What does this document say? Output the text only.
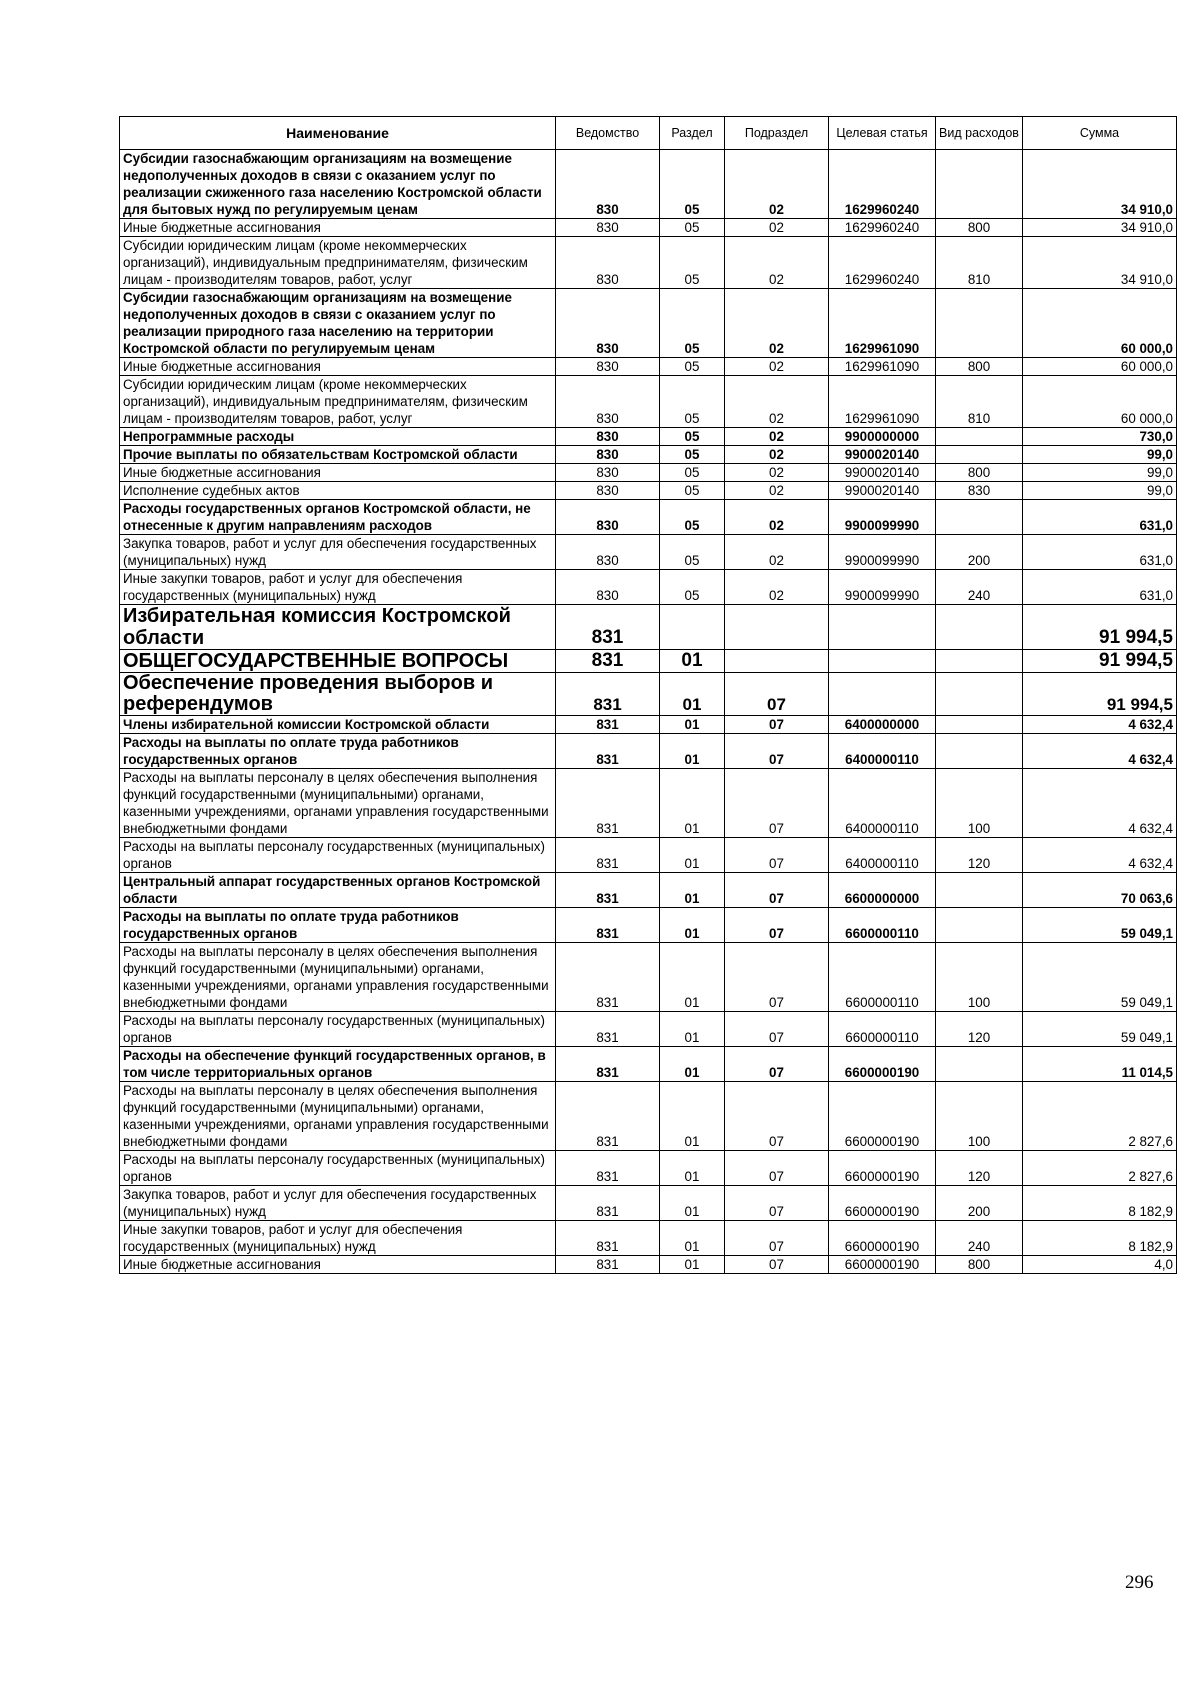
Наименование	Ведомство	Раздел	Подраздел	Целевая статья	Вид расходов	Сумма
Субсидии газоснабжающим организациям на возмещение недополученных доходов в связи с оказанием услуг по реализации сжиженного газа населению Костромской области для бытовых нужд по регулируемым ценам	830	05	02	1629960240		34 910,0
Иные бюджетные ассигнования	830	05	02	1629960240	800	34 910,0
Субсидии юридическим лицам (кроме некоммерческих организаций), индивидуальным предпринимателям, физическим лицам - производителям товаров, работ, услуг	830	05	02	1629960240	810	34 910,0
Субсидии газоснабжающим организациям на возмещение недополученных доходов в связи с оказанием услуг по реализации природного газа населению на территории Костромской области по регулируемым ценам	830	05	02	1629961090		60 000,0
Иные бюджетные ассигнования	830	05	02	1629961090	800	60 000,0
Субсидии юридическим лицам (кроме некоммерческих организаций), индивидуальным предпринимателям, физическим лицам - производителям товаров, работ, услуг	830	05	02	1629961090	810	60 000,0
Непрограммные расходы	830	05	02	9900000000		730,0
Прочие выплаты по обязательствам Костромской области	830	05	02	9900020140		99,0
Иные бюджетные ассигнования	830	05	02	9900020140	800	99,0
Исполнение судебных актов	830	05	02	9900020140	830	99,0
Расходы государственных органов Костромской области, не отнесенные к другим направлениям расходов	830	05	02	9900099990		631,0
Закупка товаров, работ и услуг для обеспечения государственных (муниципальных) нужд	830	05	02	9900099990	200	631,0
Иные закупки товаров, работ и услуг для обеспечения государственных (муниципальных) нужд	830	05	02	9900099990	240	631,0
Избирательная комиссия Костромской области	831					91 994,5
ОБЩЕГОСУДАРСТВЕННЫЕ ВОПРОСЫ	831	01				91 994,5
Обеспечение проведения выборов и референдумов	831	01	07			91 994,5
Члены избирательной комиссии Костромской области	831	01	07	6400000000		4 632,4
Расходы на выплаты по оплате труда работников государственных органов	831	01	07	6400000110		4 632,4
Расходы на выплаты персоналу в целях обеспечения выполнения функций государственными (муниципальными) органами, казенными учреждениями, органами управления государственными внебюджетными фондами	831	01	07	6400000110	100	4 632,4
Расходы на выплаты персоналу государственных (муниципальных) органов	831	01	07	6400000110	120	4 632,4
Центральный аппарат государственных органов Костромской области	831	01	07	6600000000		70 063,6
Расходы на выплаты по оплате труда работников государственных органов	831	01	07	6600000110		59 049,1
Расходы на выплаты персоналу в целях обеспечения выполнения функций государственными (муниципальными) органами, казенными учреждениями, органами управления государственными внебюджетными фондами	831	01	07	6600000110	100	59 049,1
Расходы на выплаты персоналу государственных (муниципальных) органов	831	01	07	6600000110	120	59 049,1
Расходы на обеспечение функций государственных органов, в том числе территориальных органов	831	01	07	6600000190		11 014,5
Расходы на выплаты персоналу в целях обеспечения выполнения функций государственными (муниципальными) органами, казенными учреждениями, органами управления государственными внебюджетными фондами	831	01	07	6600000190	100	2 827,6
Расходы на выплаты персоналу государственных (муниципальных) органов	831	01	07	6600000190	120	2 827,6
Закупка товаров, работ и услуг для обеспечения государственных (муниципальных) нужд	831	01	07	6600000190	200	8 182,9
Иные закупки товаров, работ и услуг для обеспечения государственных (муниципальных) нужд	831	01	07	6600000190	240	8 182,9
Иные бюджетные ассигнования	831	01	07	6600000190	800	4,0
296
